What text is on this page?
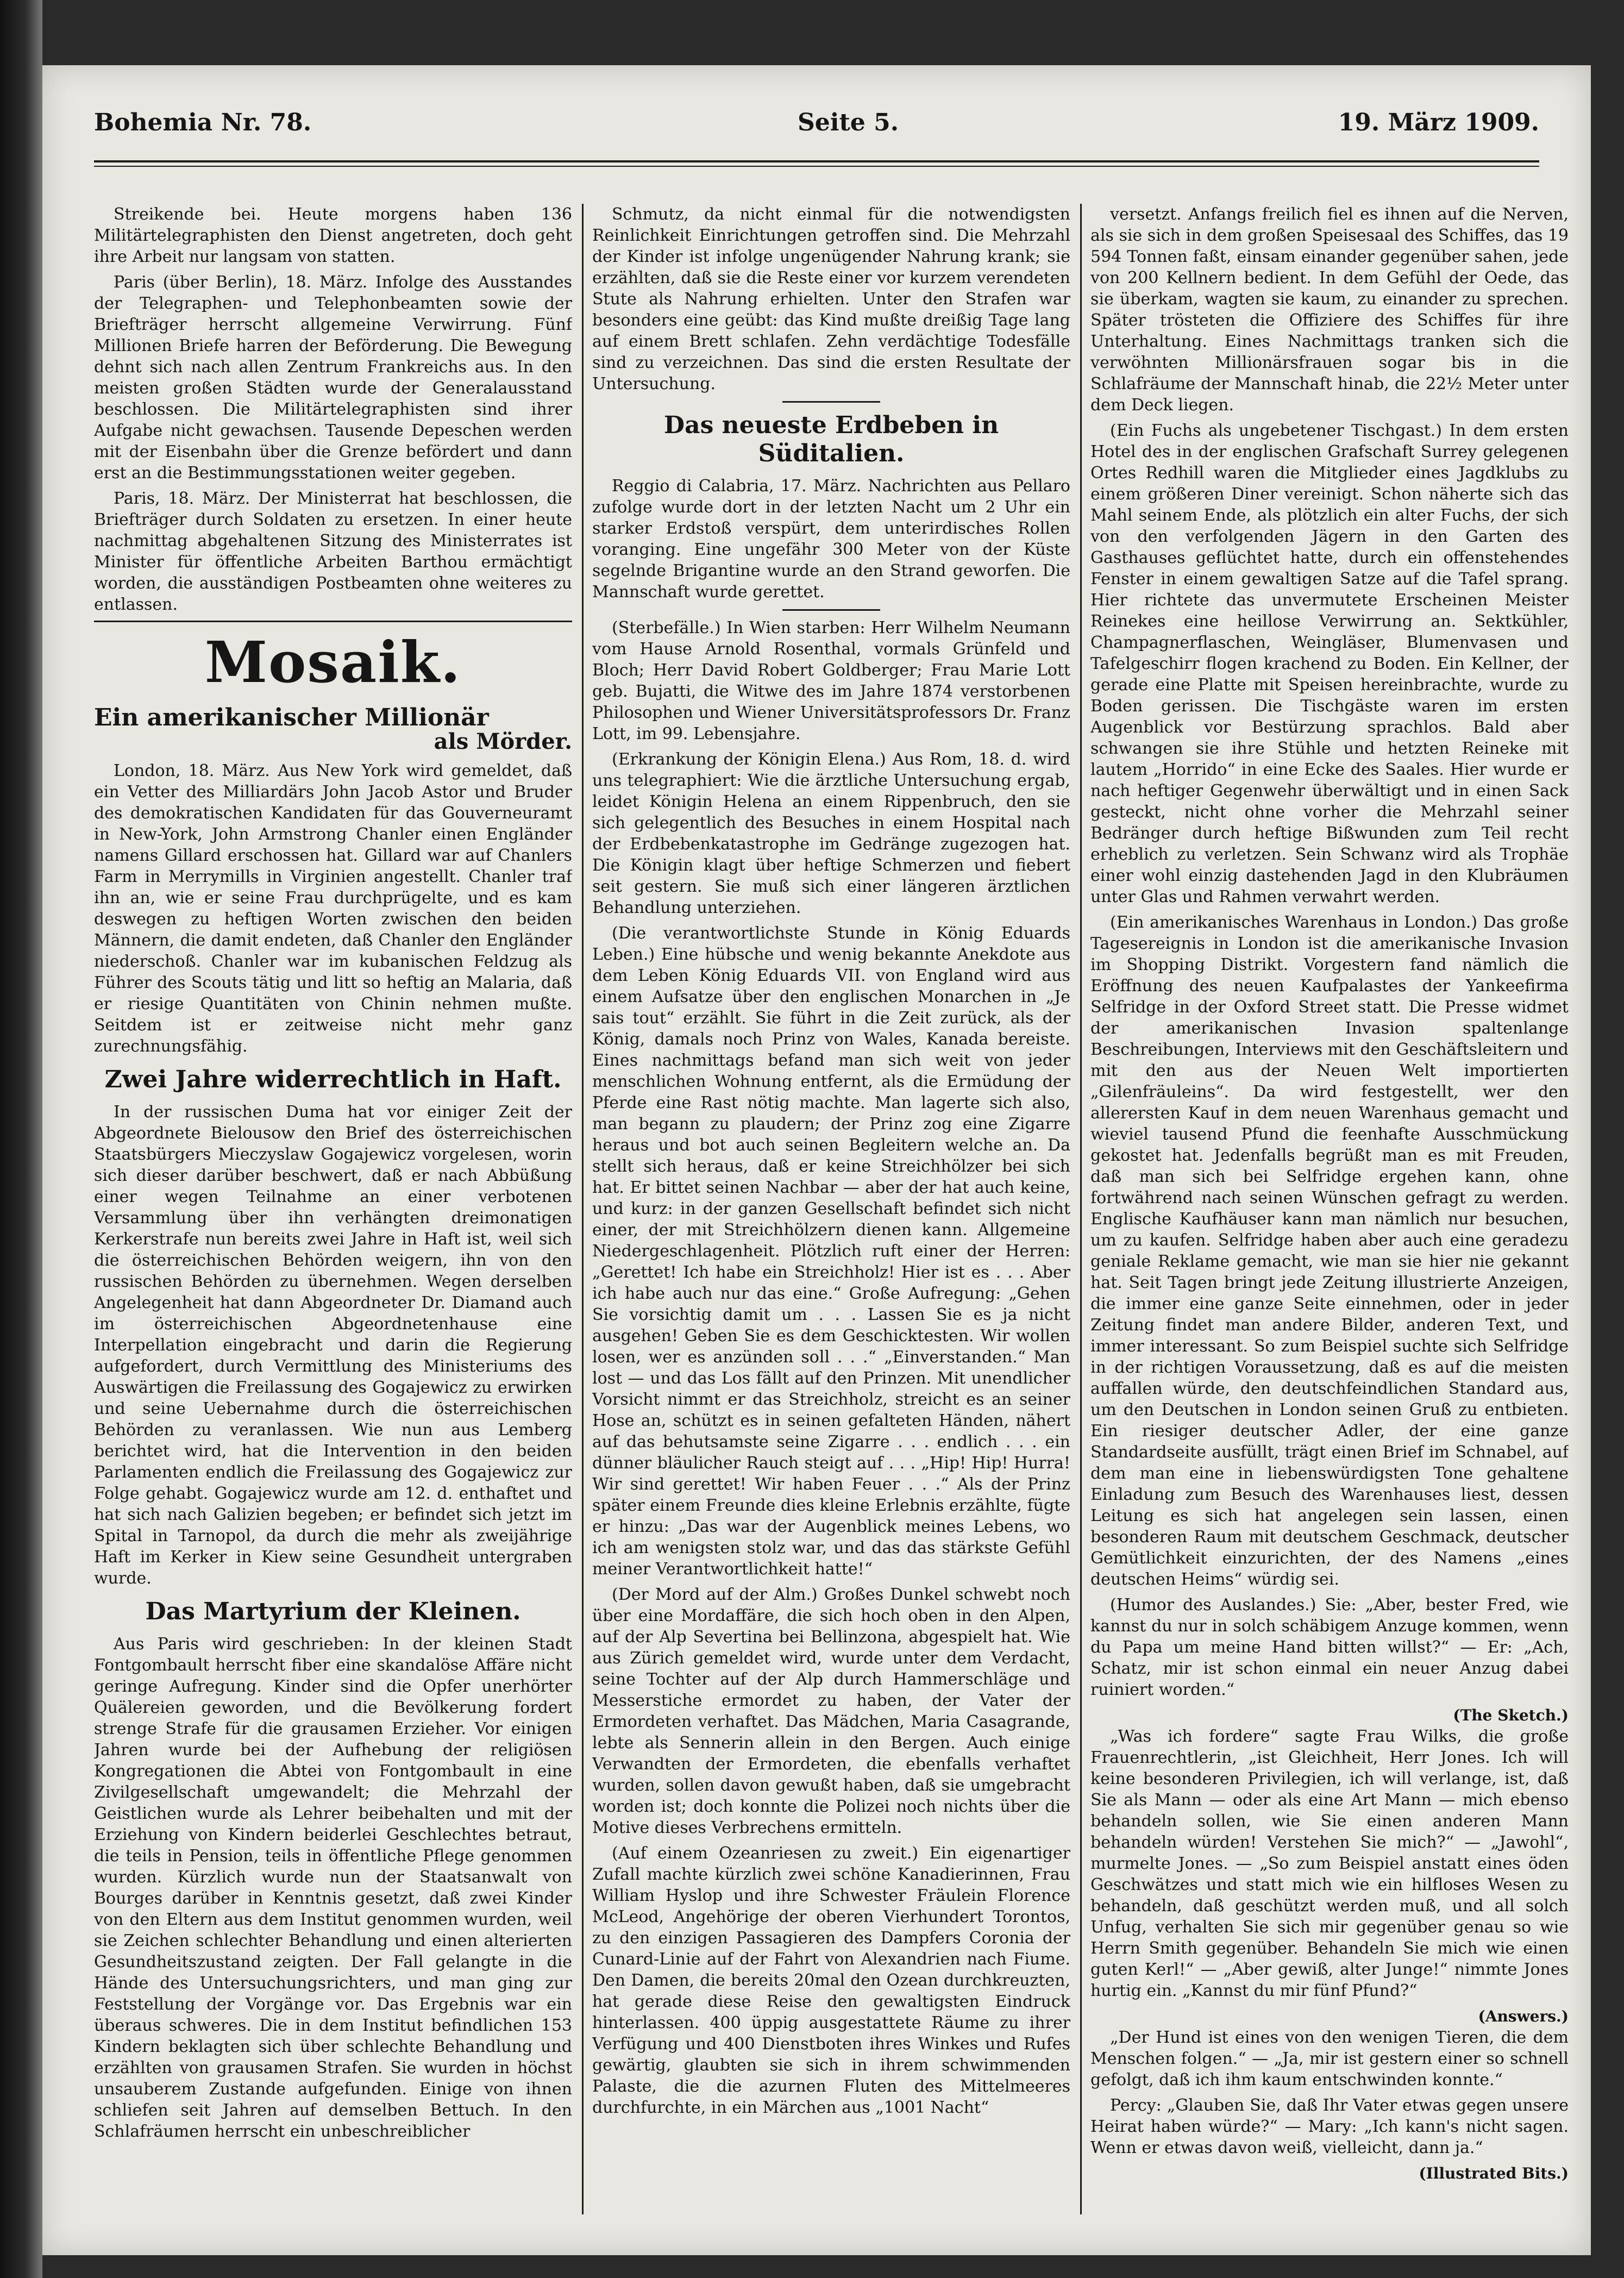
Bohemia Nr. 78.	Seite 5.	19. März 1909.

Streikende bei. Heute morgens haben 136 Militärtelegraphisten den Dienst angetreten, doch geht ihre Arbeit nur langsam von statten.

Paris (über Berlin), 18. März. Infolge des Ausstandes der Telegraphen- und Telephonbeamten sowie der Briefträger herrscht allgemeine Verwirrung. Fünf Millionen Briefe harren der Beförderung. Die Bewegung dehnt sich nach allen Zentrum Frankreichs aus. In den meisten großen Städten wurde der Generalausstand beschlossen. Die Militärtelegraphisten sind ihrer Aufgabe nicht gewachsen. Tausende Depeschen werden mit der Eisenbahn über die Grenze befördert und dann erst an die Bestimmungsstationen weiter gegeben.

Paris, 18. März. Der Ministerrat hat beschlossen, die Briefträger durch Soldaten zu ersetzen. In einer heute nachmittag abgehaltenen Sitzung des Ministerrates ist Minister für öffentliche Arbeiten Barthou ermächtigt worden, die ausständigen Postbeamten ohne weiteres zu entlassen.

Mosaik.
Ein amerikanischer Millionär
als Mörder.

London, 18. März. Aus New York wird gemeldet, daß ein Vetter des Milliardärs John Jacob Astor und Bruder des demokratischen Kandidaten für das Gouverneuramt in New-York, John Armstrong Chanler einen Engländer namens Gillard erschossen hat. Gillard war auf Chanlers Farm in Merrymills in Virginien angestellt. Chanler traf ihn an, wie er seine Frau durchprügelte, und es kam deswegen zu heftigen Worten zwischen den beiden Männern, die damit endeten, daß Chanler den Engländer niederschoß. Chanler war im kubanischen Feldzug als Führer des Scouts tätig und litt so heftig an Malaria, daß er riesige Quantitäten von Chinin nehmen mußte. Seitdem ist er zeitweise nicht mehr ganz zurechnungsfähig.

Zwei Jahre widerrechtlich in Haft.

In der russischen Duma hat vor einiger Zeit der Abgeordnete Bielousow den Brief des österreichischen Staatsbürgers Mieczyslaw Gogajewicz vorgelesen, worin sich dieser darüber beschwert, daß er nach Abbüßung einer wegen Teilnahme an einer verbotenen Versammlung über ihn verhängten dreimonatigen Kerkerstrafe nun bereits zwei Jahre in Haft ist, weil sich die österreichischen Behörden weigern, ihn von den russischen Behörden zu übernehmen. Wegen derselben Angelegenheit hat dann Abgeordneter Dr. Diamand auch im österreichischen Abgeordnetenhause eine Interpellation eingebracht und darin die Regierung aufgefordert, durch Vermittlung des Ministeriums des Auswärtigen die Freilassung des Gogajewicz zu erwirken und seine Uebernahme durch die österreichischen Behörden zu veranlassen. Wie nun aus Lemberg berichtet wird, hat die Intervention in den beiden Parlamenten endlich die Freilassung des Gogajewicz zur Folge gehabt. Gogajewicz wurde am 12. d. enthaftet und hat sich nach Galizien begeben; er befindet sich jetzt im Spital in Tarnopol, da durch die mehr als zweijährige Haft im Kerker in Kiew seine Gesundheit untergraben wurde.

Das Martyrium der Kleinen.

Aus Paris wird geschrieben: In der kleinen Stadt Fontgombault herrscht fiber eine skandalöse Affäre nicht geringe Aufregung. Kinder sind die Opfer unerhörter Quälereien geworden, und die Bevölkerung fordert strenge Strafe für die grausamen Erzieher. Vor einigen Jahren wurde bei der Aufhebung der religiösen Kongregationen die Abtei von Fontgombault in eine Zivilgesellschaft umgewandelt; die Mehrzahl der Geistlichen wurde als Lehrer beibehalten und mit der Erziehung von Kindern beiderlei Geschlechtes betraut, die teils in Pension, teils in öffentliche Pflege genommen wurden. Kürzlich wurde nun der Staatsanwalt von Bourges darüber in Kenntnis gesetzt, daß zwei Kinder von den Eltern aus dem Institut genommen wurden, weil sie Zeichen schlechter Behandlung und einen alterierten Gesundheitszustand zeigten. Der Fall gelangte in die Hände des Untersuchungsrichters, und man ging zur Feststellung der Vorgänge vor. Das Ergebnis war ein überaus schweres. Die in dem Institut befindlichen 153 Kindern beklagten sich über schlechte Behandlung und erzählten von grausamen Strafen. Sie wurden in höchst unsauberem Zustande aufgefunden. Einige von ihnen schliefen seit Jahren auf demselben Bettuch. In den Schlafräumen herrscht ein unbeschreiblicher

Schmutz, da nicht einmal für die notwendigsten Reinlichkeit Einrichtungen getroffen sind. Die Mehrzahl der Kinder ist infolge ungenügender Nahrung krank; sie erzählten, daß sie die Reste einer vor kurzem verendeten Stute als Nahrung erhielten. Unter den Strafen war besonders eine geübt: das Kind mußte dreißig Tage lang auf einem Brett schlafen. Zehn verdächtige Todesfälle sind zu verzeichnen. Das sind die ersten Resultate der Untersuchung.

Das neueste Erdbeben in Süditalien.

Reggio di Calabria, 17. März. Nachrichten aus Pellaro zufolge wurde dort in der letzten Nacht um 2 Uhr ein starker Erdstoß verspürt, dem unterirdisches Rollen voranging. Eine ungefähr 300 Meter von der Küste segelnde Brigantine wurde an den Strand geworfen. Die Mannschaft wurde gerettet.

(Sterbefälle.) In Wien starben: Herr Wilhelm Neumann vom Hause Arnold Rosenthal, vormals Grünfeld und Bloch; Herr David Robert Goldberger; Frau Marie Lott geb. Bujatti, die Witwe des im Jahre 1874 verstorbenen Philosophen und Wiener Universitätsprofessors Dr. Franz Lott, im 99. Lebensjahre.

(Erkrankung der Königin Elena.) Aus Rom, 18. d. wird uns telegraphiert: Wie die ärztliche Untersuchung ergab, leidet Königin Helena an einem Rippenbruch, den sie sich gelegentlich des Besuches in einem Hospital nach der Erdbebenkatastrophe im Gedränge zugezogen hat. Die Königin klagt über heftige Schmerzen und fiebert seit gestern. Sie muß sich einer längeren ärztlichen Behandlung unterziehen.

(Die verantwortlichste Stunde in König Eduards Leben.) Eine hübsche und wenig bekannte Anekdote aus dem Leben König Eduards VII. von England wird aus einem Aufsatze über den englischen Monarchen in „Je sais tout“ erzählt. Sie führt in die Zeit zurück, als der König, damals noch Prinz von Wales, Kanada bereiste. Eines nachmittags befand man sich weit von jeder menschlichen Wohnung entfernt, als die Ermüdung der Pferde eine Rast nötig machte. Man lagerte sich also, man begann zu plaudern; der Prinz zog eine Zigarre heraus und bot auch seinen Begleitern welche an. Da stellt sich heraus, daß er keine Streichhölzer bei sich hat. Er bittet seinen Nachbar — aber der hat auch keine, und kurz: in der ganzen Gesellschaft befindet sich nicht einer, der mit Streichhölzern dienen kann. Allgemeine Niedergeschlagenheit. Plötzlich ruft einer der Herren: „Gerettet! Ich habe ein Streichholz! Hier ist es . . . Aber ich habe auch nur das eine.“ Große Aufregung: „Gehen Sie vorsichtig damit um . . . Lassen Sie es ja nicht ausgehen! Geben Sie es dem Geschicktesten. Wir wollen losen, wer es anzünden soll . . .“ „Einverstanden.“ Man lost — und das Los fällt auf den Prinzen. Mit unendlicher Vorsicht nimmt er das Streichholz, streicht es an seiner Hose an, schützt es in seinen gefalteten Händen, nähert auf das behutsamste seine Zigarre . . . endlich . . . ein dünner bläulicher Rauch steigt auf . . . „Hip! Hip! Hurra! Wir sind gerettet! Wir haben Feuer . . .“ Als der Prinz später einem Freunde dies kleine Erlebnis erzählte, fügte er hinzu: „Das war der Augenblick meines Lebens, wo ich am wenigsten stolz war, und das das stärkste Gefühl meiner Verantwortlichkeit hatte!“

(Der Mord auf der Alm.) Großes Dunkel schwebt noch über eine Mordaffäre, die sich hoch oben in den Alpen, auf der Alp Severtina bei Bellinzona, abgespielt hat. Wie aus Zürich gemeldet wird, wurde unter dem Verdacht, seine Tochter auf der Alp durch Hammerschläge und Messerstiche ermordet zu haben, der Vater der Ermordeten verhaftet. Das Mädchen, Maria Casagrande, lebte als Sennerin allein in den Bergen. Auch einige Verwandten der Ermordeten, die ebenfalls verhaftet wurden, sollen davon gewußt haben, daß sie umgebracht worden ist; doch konnte die Polizei noch nichts über die Motive dieses Verbrechens ermitteln.

(Auf einem Ozeanriesen zu zweit.) Ein eigenartiger Zufall machte kürzlich zwei schöne Kanadierinnen, Frau William Hyslop und ihre Schwester Fräulein Florence McLeod, Angehörige der oberen Vierhundert Torontos, zu den einzigen Passagieren des Dampfers Coronia der Cunard-Linie auf der Fahrt von Alexandrien nach Fiume. Den Damen, die bereits 20mal den Ozean durchkreuzten, hat gerade diese Reise den gewaltigsten Eindruck hinterlassen. 400 üppig ausgestattete Räume zu ihrer Verfügung und 400 Dienstboten ihres Winkes und Rufes gewärtig, glaubten sie sich in ihrem schwimmenden Palaste, die die azurnen Fluten des Mittelmeeres durchfurchte, in ein Märchen aus „1001 Nacht“

versetzt. Anfangs freilich fiel es ihnen auf die Nerven, als sie sich in dem großen Speisesaal des Schiffes, das 19 594 Tonnen faßt, einsam einander gegenüber sahen, jede von 200 Kellnern bedient. In dem Gefühl der Oede, das sie überkam, wagten sie kaum, zu einander zu sprechen. Später trösteten die Offiziere des Schiffes für ihre Unterhaltung. Eines Nachmittags tranken sich die verwöhnten Millionärsfrauen sogar bis in die Schlafräume der Mannschaft hinab, die 22½ Meter unter dem Deck liegen.

(Ein Fuchs als ungebetener Tischgast.) In dem ersten Hotel des in der englischen Grafschaft Surrey gelegenen Ortes Redhill waren die Mitglieder eines Jagdklubs zu einem größeren Diner vereinigt. Schon näherte sich das Mahl seinem Ende, als plötzlich ein alter Fuchs, der sich von den verfolgenden Jägern in den Garten des Gasthauses geflüchtet hatte, durch ein offenstehendes Fenster in einem gewaltigen Satze auf die Tafel sprang. Hier richtete das unvermutete Erscheinen Meister Reinekes eine heillose Verwirrung an. Sektkühler, Champagnerflaschen, Weingläser, Blumenvasen und Tafelgeschirr flogen krachend zu Boden. Ein Kellner, der gerade eine Platte mit Speisen hereinbrachte, wurde zu Boden gerissen. Die Tischgäste waren im ersten Augenblick vor Bestürzung sprachlos. Bald aber schwangen sie ihre Stühle und hetzten Reineke mit lautem „Horrido“ in eine Ecke des Saales. Hier wurde er nach heftiger Gegenwehr überwältigt und in einen Sack gesteckt, nicht ohne vorher die Mehrzahl seiner Bedränger durch heftige Bißwunden zum Teil recht erheblich zu verletzen. Sein Schwanz wird als Trophäe einer wohl einzig dastehenden Jagd in den Klubräumen unter Glas und Rahmen verwahrt werden.

(Ein amerikanisches Warenhaus in London.) Das große Tagesereignis in London ist die amerikanische Invasion im Shopping Distrikt. Vorgestern fand nämlich die Eröffnung des neuen Kaufpalastes der Yankeefirma Selfridge in der Oxford Street statt. Die Presse widmet der amerikanischen Invasion spaltenlange Beschreibungen, Interviews mit den Geschäftsleitern und mit den aus der Neuen Welt importierten „Gilenfräuleins“. Da wird festgestellt, wer den allerersten Kauf in dem neuen Warenhaus gemacht und wieviel tausend Pfund die feenhafte Ausschmückung gekostet hat. Jedenfalls begrüßt man es mit Freuden, daß man sich bei Selfridge ergehen kann, ohne fortwährend nach seinen Wünschen gefragt zu werden. Englische Kaufhäuser kann man nämlich nur besuchen, um zu kaufen. Selfridge haben aber auch eine geradezu geniale Reklame gemacht, wie man sie hier nie gekannt hat. Seit Tagen bringt jede Zeitung illustrierte Anzeigen, die immer eine ganze Seite einnehmen, oder in jeder Zeitung findet man andere Bilder, anderen Text, und immer interessant. So zum Beispiel suchte sich Selfridge in der richtigen Voraussetzung, daß es auf die meisten auffallen würde, den deutschfeindlichen Standard aus, um den Deutschen in London seinen Gruß zu entbieten. Ein riesiger deutscher Adler, der eine ganze Standardseite ausfüllt, trägt einen Brief im Schnabel, auf dem man eine in liebenswürdigsten Tone gehaltene Einladung zum Besuch des Warenhauses liest, dessen Leitung es sich hat angelegen sein lassen, einen besonderen Raum mit deutschem Geschmack, deutscher Gemütlichkeit einzurichten, der des Namens „eines deutschen Heims“ würdig sei.

(Humor des Auslandes.) Sie: „Aber, bester Fred, wie kannst du nur in solch schäbigem Anzuge kommen, wenn du Papa um meine Hand bitten willst?“ — Er: „Ach, Schatz, mir ist schon einmal ein neuer Anzug dabei ruiniert worden.“

(The Sketch.)

„Was ich fordere“ sagte Frau Wilks, die große Frauenrechtlerin, „ist Gleichheit, Herr Jones. Ich will keine besonderen Privilegien, ich will verlange, ist, daß Sie als Mann — oder als eine Art Mann — mich ebenso behandeln sollen, wie Sie einen anderen Mann behandeln würden! Verstehen Sie mich?“ — „Jawohl“, murmelte Jones. — „So zum Beispiel anstatt eines öden Geschwätzes und statt mich wie ein hilfloses Wesen zu behandeln, daß geschützt werden muß, und all solch Unfug, verhalten Sie sich mir gegenüber genau so wie Herrn Smith gegenüber. Behandeln Sie mich wie einen guten Kerl!“ — „Aber gewiß, alter Junge!“ nimmte Jones hurtig ein. „Kannst du mir fünf Pfund?“

(Answers.)

„Der Hund ist eines von den wenigen Tieren, die dem Menschen folgen.“ — „Ja, mir ist gestern einer so schnell gefolgt, daß ich ihm kaum entschwinden konnte.“

Percy: „Glauben Sie, daß Ihr Vater etwas gegen unsere Heirat haben würde?“ — Mary: „Ich kann's nicht sagen. Wenn er etwas davon weiß, vielleicht, dann ja.“

(Illustrated Bits.)
